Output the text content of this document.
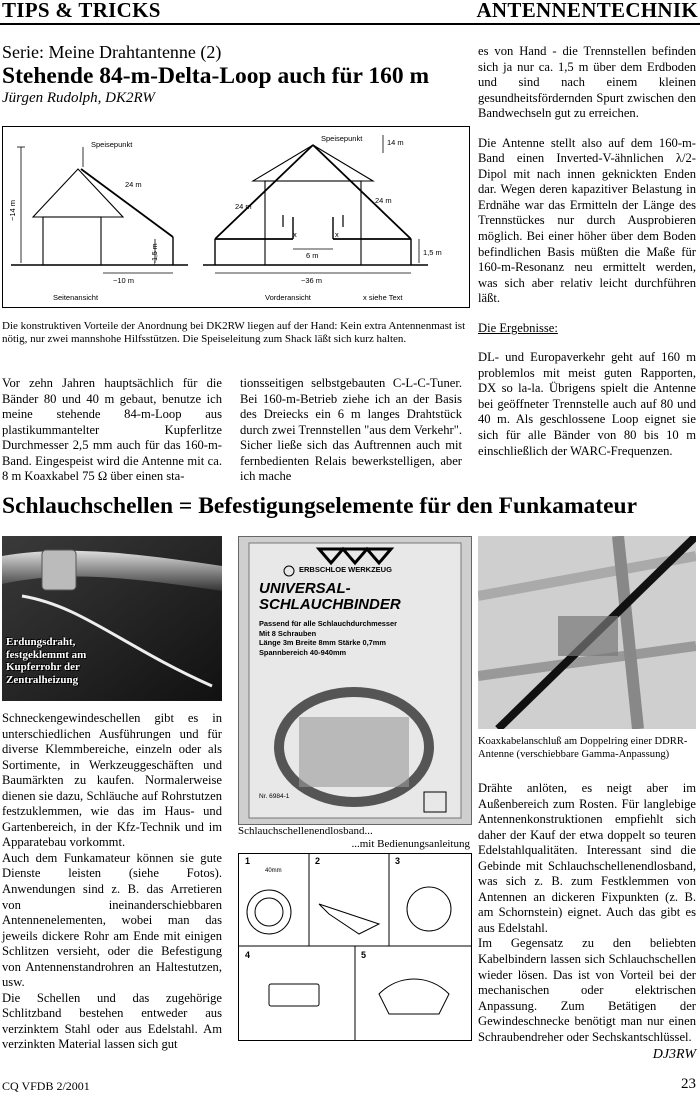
TIPS & TRICKS	ANTENNENTECHNIK
Serie: Meine Drahtantenne (2)
Stehende 84-m-Delta-Loop auch für 160 m
Jürgen Rudolph, DK2RW
Speisepunkt
24 m
~14 m
~1,5 m
~10 m
Seitenansicht
Speisepunkt	14 m
24 m
24 m
6 m
x	x
1,5 m
~36 m
Vorderansicht	x siehe Text
Die konstruktiven Vorteile der Anordnung bei DK2RW liegen auf der Hand: Kein extra Antennenmast ist nötig, nur zwei mannshohe Hilfsstützen. Die Speiseleitung zum Shack läßt sich kurz halten.
Vor zehn Jahren hauptsächlich für die Bänder 80 und 40 m gebaut, benutze ich meine stehende 84-m-Loop aus plastikummantelter Kupferlitze Durchmesser 2,5 mm auch für das 160-m-Band. Eingespeist wird die Antenne mit ca. 8 m Koaxkabel 75 Ω über einen sta-
tionsseitigen selbstgebauten C-L-C-Tuner. Bei 160-m-Betrieb ziehe ich an der Basis des Dreiecks ein 6 m langes Drahtstück durch zwei Trennstellen "aus dem Verkehr". Sicher ließe sich das Auftrennen auch mit fernbedienten Relais bewerkstelligen, aber ich mache

es von Hand - die Trennstellen befinden sich ja nur ca. 1,5 m über dem Erdboden und sind nach einem kleinen gesundheitsfördernden Spurt zwischen den Bandwechseln gut zu erreichen.

Die Antenne stellt also auf dem 160-m-Band einen Inverted-V-ähnlichen λ/2-Dipol mit nach innen geknickten Enden dar. Wegen deren kapazitiver Belastung in Erdnähe war das Ermitteln der Länge des Trennstückes nur durch Ausprobieren möglich. Bei einer höher über dem Boden befindlichen Basis müßten die Maße für 160-m-Resonanz neu ermittelt werden, was sich aber relativ leicht durchführen läßt.

Die Ergebnisse:

DL- und Europaverkehr geht auf 160 m problemlos mit meist guten Rapporten, DX so la-la. Übrigens spielt die Antenne bei geöffneter Trennstelle auch auf 80 und 40 m. Als geschlossene Loop eignet sie sich für alle Bänder von 80 bis 10 m einschließlich der WARC-Frequenzen.

Schlauchschellen = Befestigungselemente für den Funkamateur
Erdungsdraht, festgeklemmt am Kupferrohr der Zentralheizung
ERBSCHLOE WERKZEUG
UNIVERSAL-
SCHLAUCHBINDER
Passend für alle Schlauchdurchmesser
Mit 8 Schrauben
Länge 3m Breite 8mm Stärke 0,7mm
Spannbereich 40-940mm
Nr. 6984-1
Schlauchschellenendlosband...
...mit Bedienungsanleitung
1
40mm
2	3
4	5
Koaxkabelanschluß am Doppelring einer DDRR-Antenne (verschiebbare Gamma-Anpassung)

Schneckengewindeschellen gibt es in unterschiedlichen Ausführungen und für diverse Klemmbereiche, einzeln oder als Sortimente, in Werkzeuggeschäften und Baumärkten zu kaufen. Normalerweise dienen sie dazu, Schläuche auf Rohrstutzen festzuklemmen, wie das im Haus- und Gartenbereich, in der Kfz-Technik und im Apparatebau vorkommt.

Auch dem Funkamateur können sie gute Dienste leisten (siehe Fotos). Anwendungen sind z. B. das Arretieren von ineinanderschiebbaren Antennenelementen, wobei man das jeweils dickere Rohr am Ende mit einigen Schlitzen versieht, oder die Befestigung von Antennenstandrohren an Haltestutzen, usw.

Die Schellen und das zugehörige Schlitzband bestehen entweder aus verzinktem Stahl oder aus Edelstahl. Am verzinkten Material lassen sich gut

Drähte anlöten, es neigt aber im Außenbereich zum Rosten. Für langlebige Antennenkonstruktionen empfiehlt sich daher der Kauf der etwa doppelt so teuren Edelstahlqualitäten. Interessant sind die Gebinde mit Schlauchschellenendlosband, was sich z. B. zum Festklemmen von Antennen an dickeren Fixpunkten (z. B. am Schornstein) eignet. Auch das gibt es aus Edelstahl.

Im Gegensatz zu den beliebten Kabelbindern lassen sich Schlauchschellen wieder lösen. Das ist von Vorteil bei der mechanischen oder elektrischen Anpassung. Zum Betätigen der Gewindeschnecke benötigt man nur einen Schraubendreher oder Sechskantschlüssel.

DJ3RW
CQ VFDB 2/2001	23
